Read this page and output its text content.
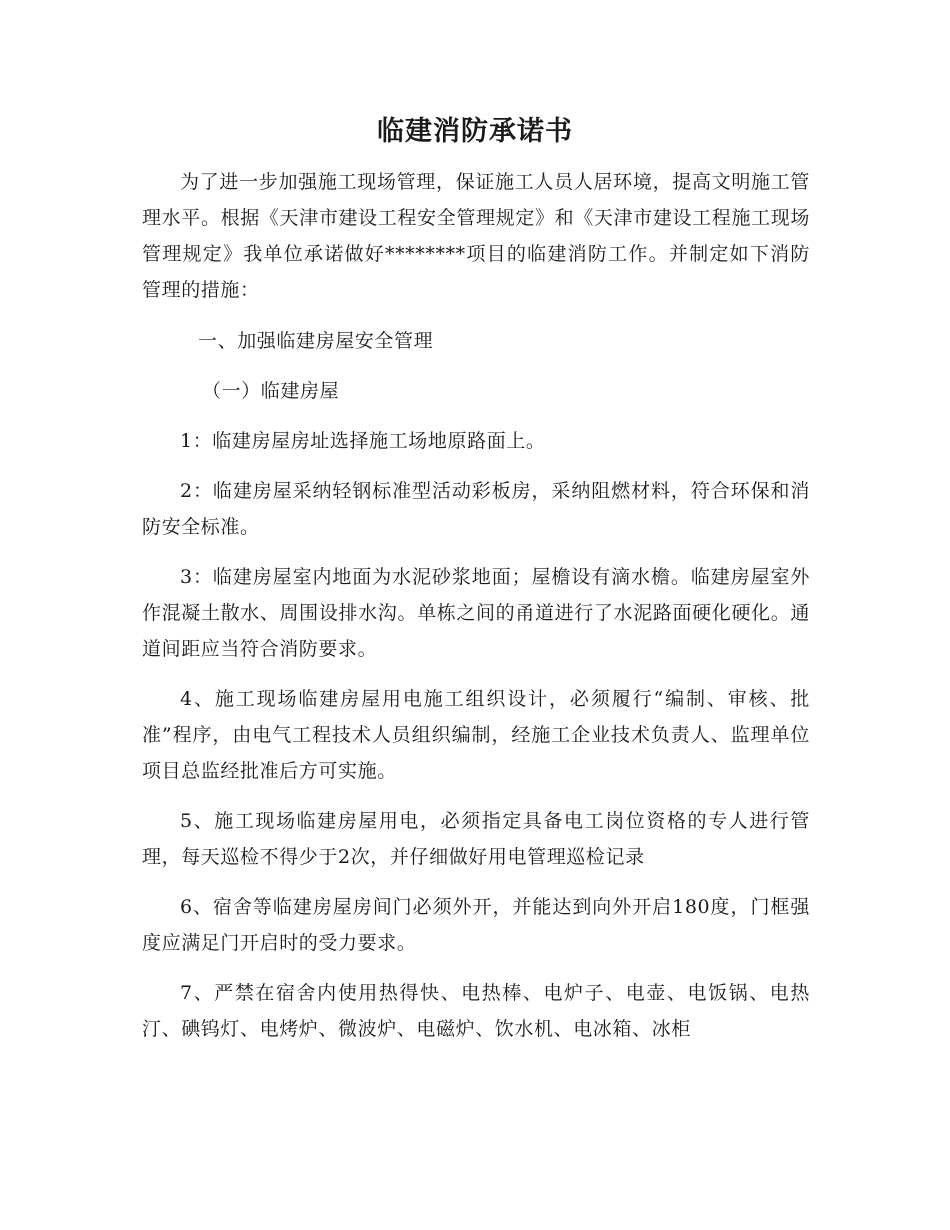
临建消防承诺书

为了进一步加强施工现场管理，保证施工人员人居环境，提高文明施工管理水平。根据《天津市建设工程安全管理规定》和《天津市建设工程施工现场管理规定》我单位承诺做好********项目的临建消防工作。并制定如下消防管理的措施：

一、加强临建房屋安全管理

（一）临建房屋

1：临建房屋房址选择施工场地原路面上。

2：临建房屋采纳轻钢标准型活动彩板房，采纳阻燃材料，符合环保和消防安全标准。

3：临建房屋室内地面为水泥砂浆地面；屋檐设有滴水檐。临建房屋室外作混凝土散水、周围设排水沟。单栋之间的甬道进行了水泥路面硬化硬化。通道间距应当符合消防要求。

4、施工现场临建房屋用电施工组织设计，必须履行“编制、审核、批准”程序，由电气工程技术人员组织编制，经施工企业技术负责人、监理单位项目总监经批准后方可实施。

5、施工现场临建房屋用电，必须指定具备电工岗位资格的专人进行管理，每天巡检不得少于2次，并仔细做好用电管理巡检记录

6、宿舍等临建房屋房间门必须外开，并能达到向外开启180度，门框强度应满足门开启时的受力要求。

7、严禁在宿舍内使用热得快、电热棒、电炉子、电壶、电饭锅、电热汀、碘钨灯、电烤炉、微波炉、电磁炉、饮水机、电冰箱、冰柜
